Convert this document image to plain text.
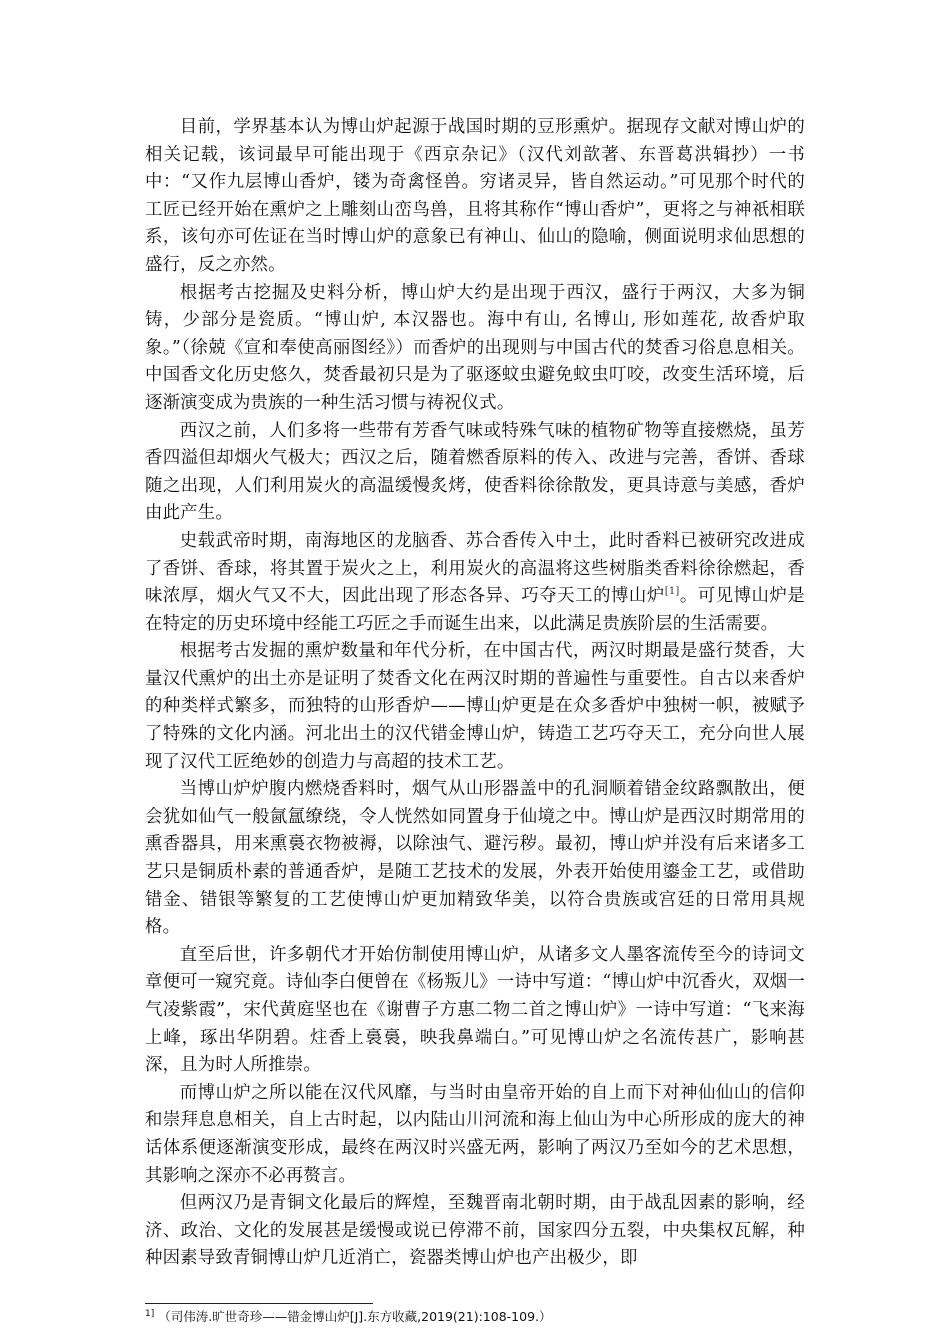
目前，学界基本认为博山炉起源于战国时期的豆形熏炉。据现存文献对博山炉的相关记载，该词最早可能出现于《西京杂记》（汉代刘歆著、东晋葛洪辑抄）一书中：“又作九层博山香炉，镂为奇禽怪兽。穷诸灵异，皆自然运动。”可见那个时代的工匠已经开始在熏炉之上雕刻山峦鸟兽，且将其称作“博山香炉”，更将之与神祇相联系，该句亦可佐证在当时博山炉的意象已有神山、仙山的隐喻，侧面说明求仙思想的盛行，反之亦然。

根据考古挖掘及史料分析，博山炉大约是出现于西汉，盛行于两汉，大多为铜铸，少部分是瓷质。“博山炉, 本汉器也。海中有山, 名博山, 形如莲花, 故香炉取象。”（徐兢《宣和奉使高丽图经》）而香炉的出现则与中国古代的焚香习俗息息相关。中国香文化历史悠久，焚香最初只是为了驱逐蚊虫避免蚊虫叮咬，改变生活环境，后逐渐演变成为贵族的一种生活习惯与祷祝仪式。

西汉之前，人们多将一些带有芳香气味或特殊气味的植物矿物等直接燃烧，虽芳香四溢但却烟火气极大；西汉之后，随着燃香原料的传入、改进与完善，香饼、香球随之出现，人们利用炭火的高温缓慢炙烤，使香料徐徐散发，更具诗意与美感，香炉由此产生。

史载武帝时期，南海地区的龙脑香、苏合香传入中土，此时香料已被研究改进成了香饼、香球，将其置于炭火之上，利用炭火的高温将这些树脂类香料徐徐燃起，香味浓厚，烟火气又不大，因此出现了形态各异、巧夺天工的博山炉[1]。可见博山炉是在特定的历史环境中经能工巧匠之手而诞生出来，以此满足贵族阶层的生活需要。

根据考古发掘的熏炉数量和年代分析，在中国古代，两汉时期最是盛行焚香，大量汉代熏炉的出土亦是证明了焚香文化在两汉时期的普遍性与重要性。自古以来香炉的种类样式繁多，而独特的山形香炉——博山炉更是在众多香炉中独树一帜，被赋予了特殊的文化内涵。河北出土的汉代错金博山炉，铸造工艺巧夺天工，充分向世人展现了汉代工匠绝妙的创造力与高超的技术工艺。

当博山炉炉腹内燃烧香料时，烟气从山形器盖中的孔洞顺着错金纹路飘散出，便会犹如仙气一般氤氲缭绕，令人恍然如同置身于仙境之中。博山炉是西汉时期常用的熏香器具，用来熏裛衣物被褥，以除浊气、避污秽。最初，博山炉并没有后来诸多工艺只是铜质朴素的普通香炉，是随工艺技术的发展，外表开始使用鎏金工艺，或借助错金、错银等繁复的工艺使博山炉更加精致华美，以符合贵族或宫廷的日常用具规格。

直至后世，许多朝代才开始仿制使用博山炉，从诸多文人墨客流传至今的诗词文章便可一窥究竟。诗仙李白便曾在《杨叛儿》一诗中写道：“博山炉中沉香火，双烟一气凌紫霞”，宋代黄庭坚也在《谢曹子方惠二物二首之博山炉》一诗中写道：“飞来海上峰，琢出华阴碧。炷香上裛裛，映我鼻端白。”可见博山炉之名流传甚广，影响甚深，且为时人所推崇。

而博山炉之所以能在汉代风靡，与当时由皇帝开始的自上而下对神仙仙山的信仰和崇拜息息相关，自上古时起，以内陆山川河流和海上仙山为中心所形成的庞大的神话体系便逐渐演变形成，最终在两汉时兴盛无两，影响了两汉乃至如今的艺术思想，其影响之深亦不必再赘言。

但两汉乃是青铜文化最后的辉煌，至魏晋南北朝时期，由于战乱因素的影响，经济、政治、文化的发展甚是缓慢或说已停滞不前，国家四分五裂，中央集权瓦解，种种因素导致青铜博山炉几近消亡，瓷器类博山炉也产出极少，即

$^{1]}$ （司伟涛.旷世奇珍——错金博山炉[J].东方收藏,2019(21):108-109.）
